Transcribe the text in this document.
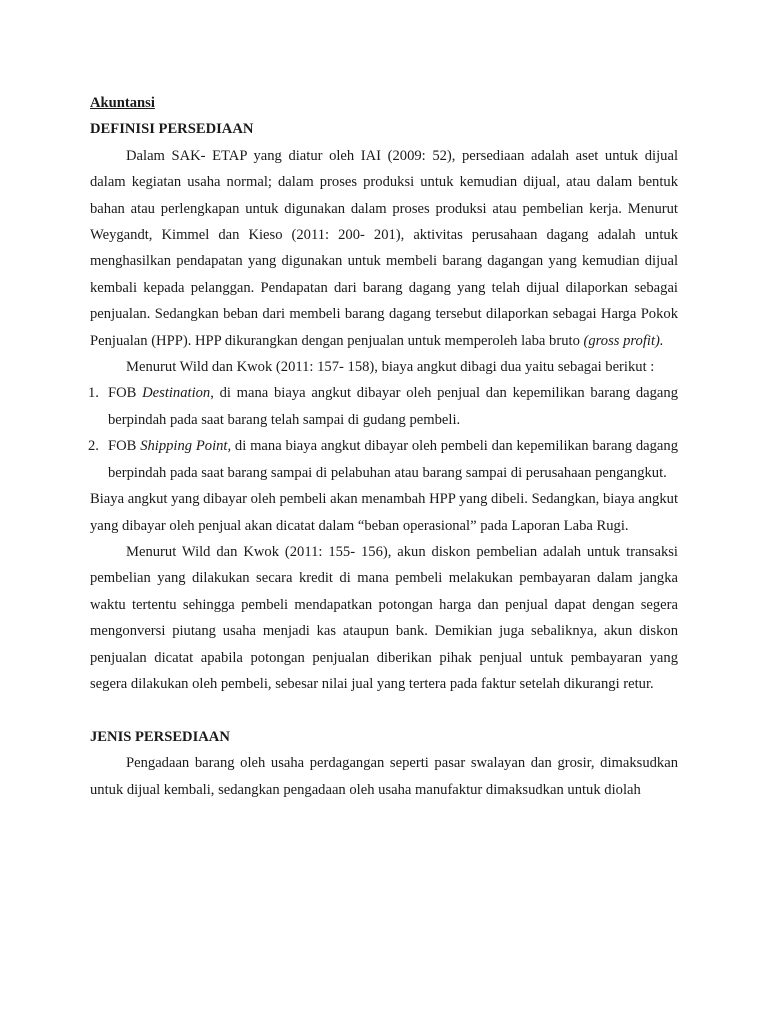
Akuntansi

DEFINISI PERSEDIAAN

Dalam SAK- ETAP yang diatur oleh IAI (2009: 52), persediaan adalah aset untuk dijual dalam kegiatan usaha normal; dalam proses produksi untuk kemudian dijual, atau dalam bentuk bahan atau perlengkapan untuk digunakan dalam proses produksi atau pembelian kerja. Menurut Weygandt, Kimmel dan Kieso (2011: 200- 201), aktivitas perusahaan dagang adalah untuk menghasilkan pendapatan yang digunakan untuk membeli barang dagangan yang kemudian dijual kembali kepada pelanggan. Pendapatan dari barang dagang yang telah dijual dilaporkan sebagai penjualan. Sedangkan beban dari membeli barang dagang tersebut dilaporkan sebagai Harga Pokok Penjualan (HPP). HPP dikurangkan dengan penjualan untuk memperoleh laba bruto (gross profit).

Menurut Wild dan Kwok (2011: 157- 158), biaya angkut dibagi dua yaitu sebagai berikut :

1. FOB Destination, di mana biaya angkut dibayar oleh penjual dan kepemilikan barang dagang berpindah pada saat barang telah sampai di gudang pembeli.
2. FOB Shipping Point, di mana biaya angkut dibayar oleh pembeli dan kepemilikan barang dagang berpindah pada saat barang sampai di pelabuhan atau barang sampai di perusahaan pengangkut.

Biaya angkut yang dibayar oleh pembeli akan menambah HPP yang dibeli. Sedangkan, biaya angkut yang dibayar oleh penjual akan dicatat dalam “beban operasional” pada Laporan Laba Rugi.

Menurut Wild dan Kwok (2011: 155- 156), akun diskon pembelian adalah untuk transaksi pembelian yang dilakukan secara kredit di mana pembeli melakukan pembayaran dalam jangka waktu tertentu sehingga pembeli mendapatkan potongan harga dan penjual dapat dengan segera mengonversi piutang usaha menjadi kas ataupun bank. Demikian juga sebaliknya, akun diskon penjualan dicatat apabila potongan penjualan diberikan pihak penjual untuk pembayaran yang segera dilakukan oleh pembeli, sebesar nilai jual yang tertera pada faktur setelah dikurangi retur.

JENIS PERSEDIAAN

Pengadaan barang oleh usaha perdagangan seperti pasar swalayan dan grosir, dimaksudkan untuk dijual kembali, sedangkan pengadaan oleh usaha manufaktur dimaksudkan untuk diolah
